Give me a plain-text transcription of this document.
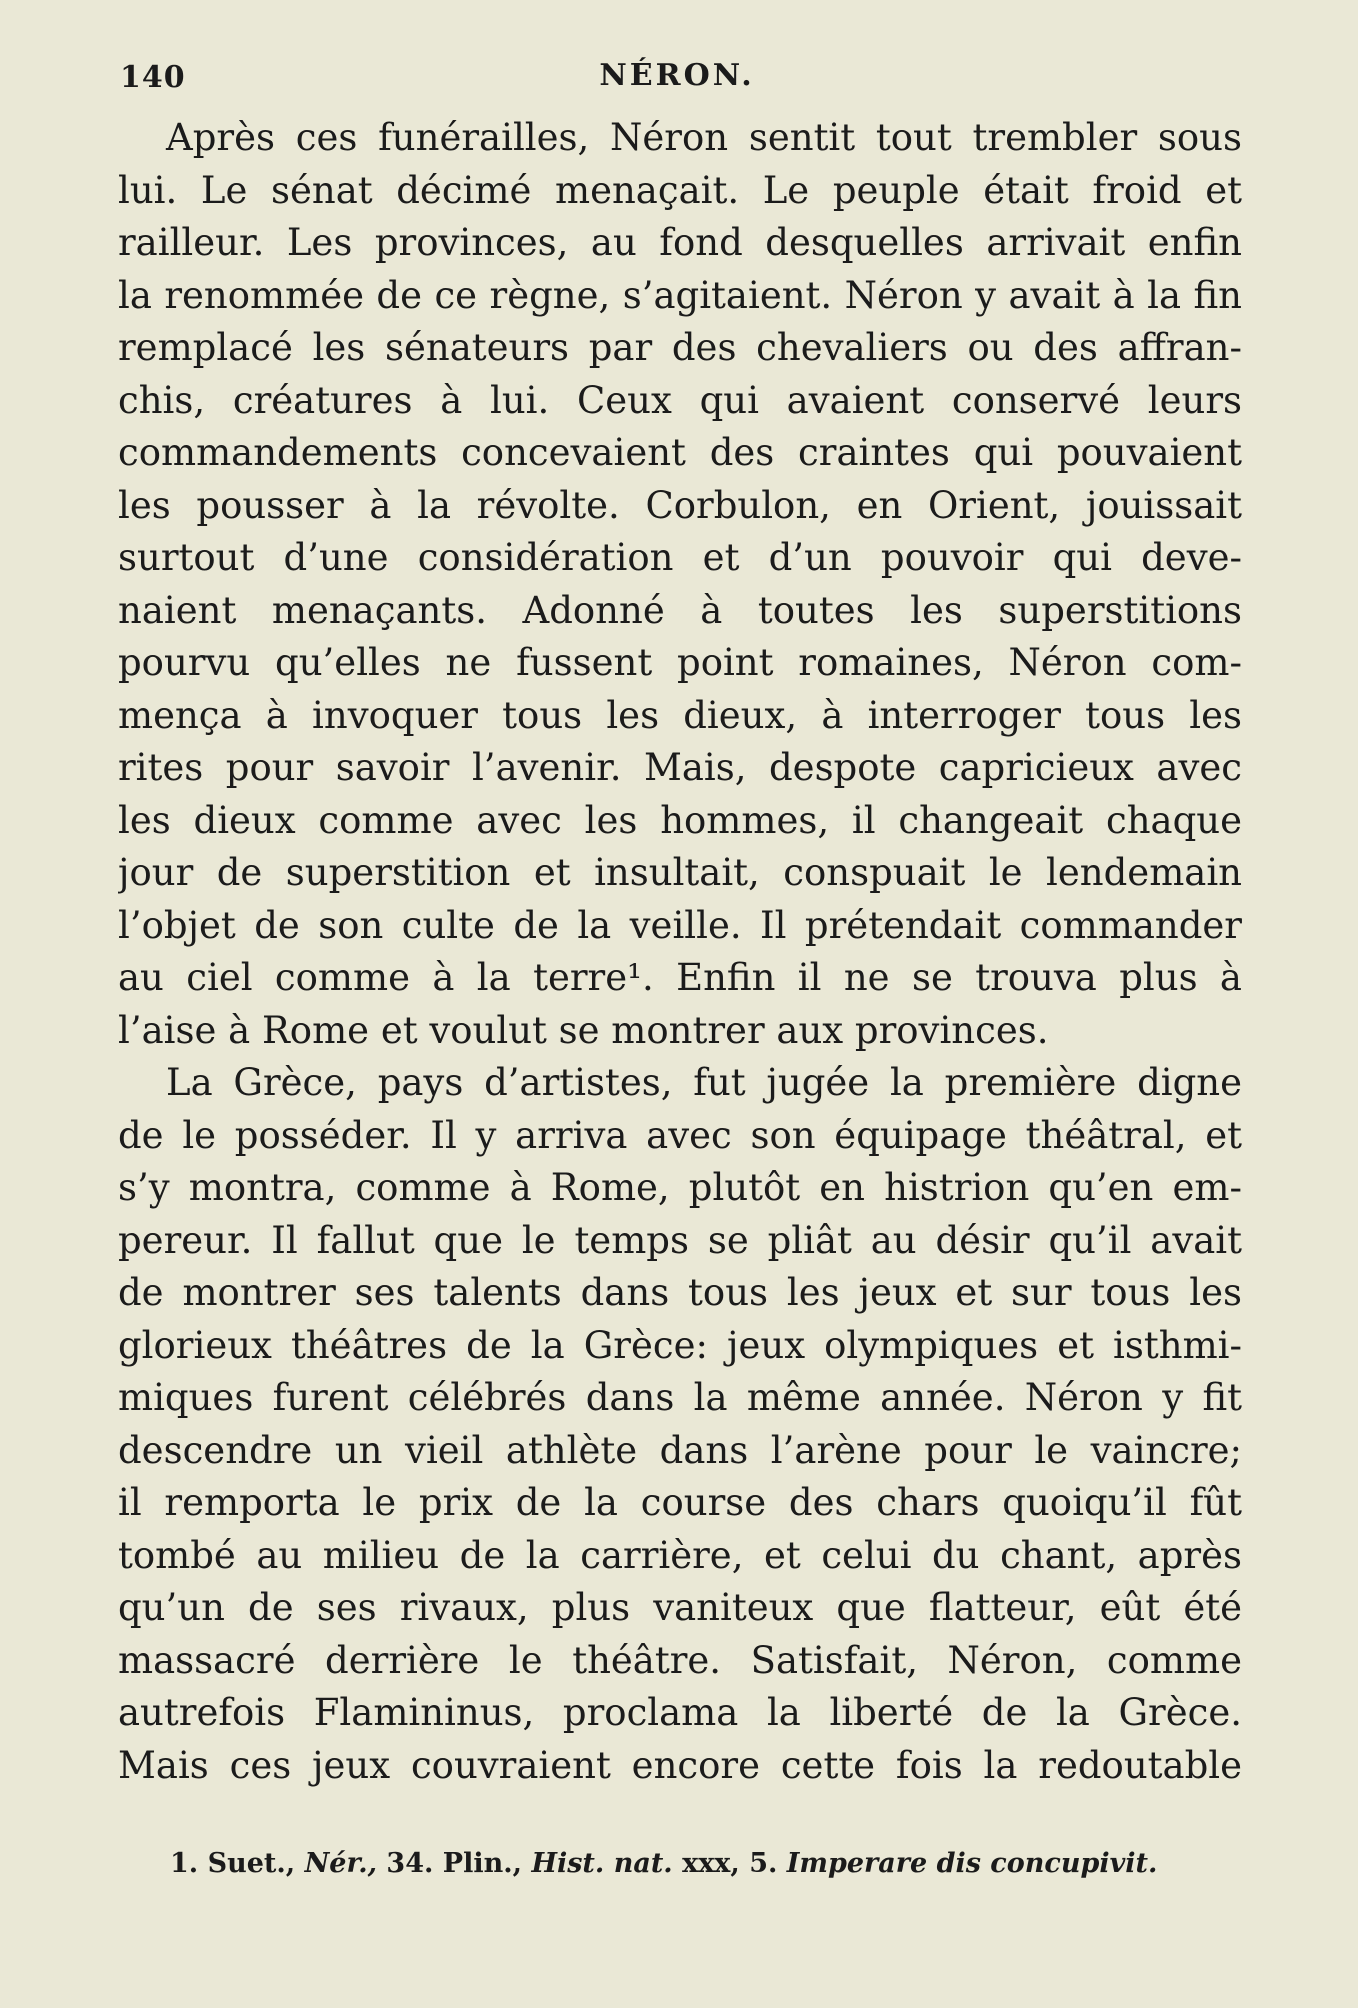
140	NÉRON.
Après ces funérailles, Néron sentit tout trembler sous
lui. Le sénat décimé menaçait. Le peuple était froid et
railleur. Les provinces, au fond desquelles arrivait enfin
la renommée de ce règne, s’agitaient. Néron y avait à la fin
remplacé les sénateurs par des chevaliers ou des affran-
chis, créatures à lui. Ceux qui avaient conservé leurs
commandements concevaient des craintes qui pouvaient
les pousser à la révolte. Corbulon, en Orient, jouissait
surtout d’une considération et d’un pouvoir qui deve-
naient menaçants. Adonné à toutes les superstitions
pourvu qu’elles ne fussent point romaines, Néron com-
mença à invoquer tous les dieux, à interroger tous les
rites pour savoir l’avenir. Mais, despote capricieux avec
les dieux comme avec les hommes, il changeait chaque
jour de superstition et insultait, conspuait le lendemain
l’objet de son culte de la veille. Il prétendait commander
au ciel comme à la terre¹. Enfin il ne se trouva plus à
l’aise à Rome et voulut se montrer aux provinces.
La Grèce, pays d’artistes, fut jugée la première digne
de le posséder. Il y arriva avec son équipage théâtral, et
s’y montra, comme à Rome, plutôt en histrion qu’en em-
pereur. Il fallut que le temps se pliât au désir qu’il avait
de montrer ses talents dans tous les jeux et sur tous les
glorieux théâtres de la Grèce: jeux olympiques et isthmi-
miques furent célébrés dans la même année. Néron y fit
descendre un vieil athlète dans l’arène pour le vaincre;
il remporta le prix de la course des chars quoiqu’il fût
tombé au milieu de la carrière, et celui du chant, après
qu’un de ses rivaux, plus vaniteux que flatteur, eût été
massacré derrière le théâtre. Satisfait, Néron, comme
autrefois Flamininus, proclama la liberté de la Grèce.
Mais ces jeux couvraient encore cette fois la redoutable
1. Suet., Nér., 34. Plin., Hist. nat. xxx, 5. Imperare dis concupivit.
